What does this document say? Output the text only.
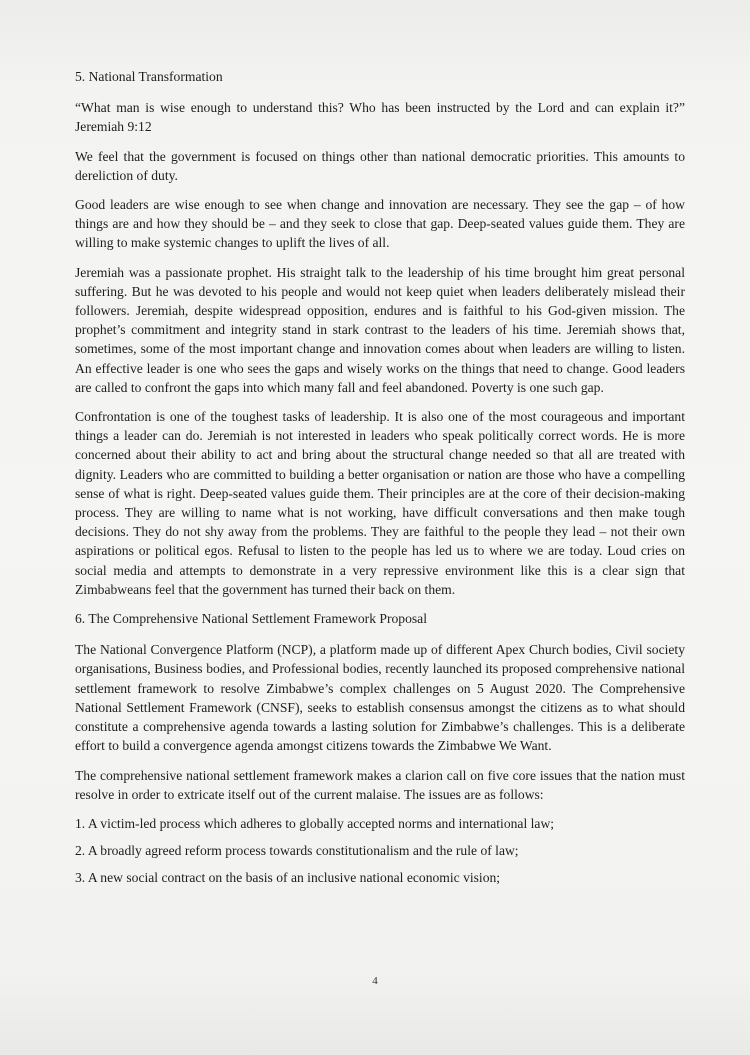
5. National Transformation

“What man is wise enough to understand this? Who has been instructed by the Lord and can explain it?” Jeremiah 9:12

We feel that the government is focused on things other than national democratic priorities. This amounts to dereliction of duty.

Good leaders are wise enough to see when change and innovation are necessary. They see the gap – of how things are and how they should be – and they seek to close that gap. Deep-seated values guide them. They are willing to make systemic changes to uplift the lives of all.

Jeremiah was a passionate prophet. His straight talk to the leadership of his time brought him great personal suffering. But he was devoted to his people and would not keep quiet when leaders deliberately mislead their followers. Jeremiah, despite widespread opposition, endures and is faithful to his God-given mission. The prophet’s commitment and integrity stand in stark contrast to the leaders of his time. Jeremiah shows that, sometimes, some of the most important change and innovation comes about when leaders are willing to listen. An effective leader is one who sees the gaps and wisely works on the things that need to change. Good leaders are called to confront the gaps into which many fall and feel abandoned. Poverty is one such gap.

Confrontation is one of the toughest tasks of leadership. It is also one of the most courageous and important things a leader can do. Jeremiah is not interested in leaders who speak politically correct words. He is more concerned about their ability to act and bring about the structural change needed so that all are treated with dignity. Leaders who are committed to building a better organisation or nation are those who have a compelling sense of what is right. Deep-seated values guide them. Their principles are at the core of their decision-making process. They are willing to name what is not working, have difficult conversations and then make tough decisions. They do not shy away from the problems. They are faithful to the people they lead – not their own aspirations or political egos. Refusal to listen to the people has led us to where we are today. Loud cries on social media and attempts to demonstrate in a very repressive environment like this is a clear sign that Zimbabweans feel that the government has turned their back on them.

6. The Comprehensive National Settlement Framework Proposal

The National Convergence Platform (NCP), a platform made up of different Apex Church bodies, Civil society organisations, Business bodies, and Professional bodies, recently launched its proposed comprehensive national settlement framework to resolve Zimbabwe’s complex challenges on 5 August 2020. The Comprehensive National Settlement Framework (CNSF), seeks to establish consensus amongst the citizens as to what should constitute a comprehensive agenda towards a lasting solution for Zimbabwe’s challenges. This is a deliberate effort to build a convergence agenda amongst citizens towards the Zimbabwe We Want.

The comprehensive national settlement framework makes a clarion call on five core issues that the nation must resolve in order to extricate itself out of the current malaise. The issues are as follows:

1. A victim-led process which adheres to globally accepted norms and international law;

2. A broadly agreed reform process towards constitutionalism and the rule of law;

3. A new social contract on the basis of an inclusive national economic vision;

4
